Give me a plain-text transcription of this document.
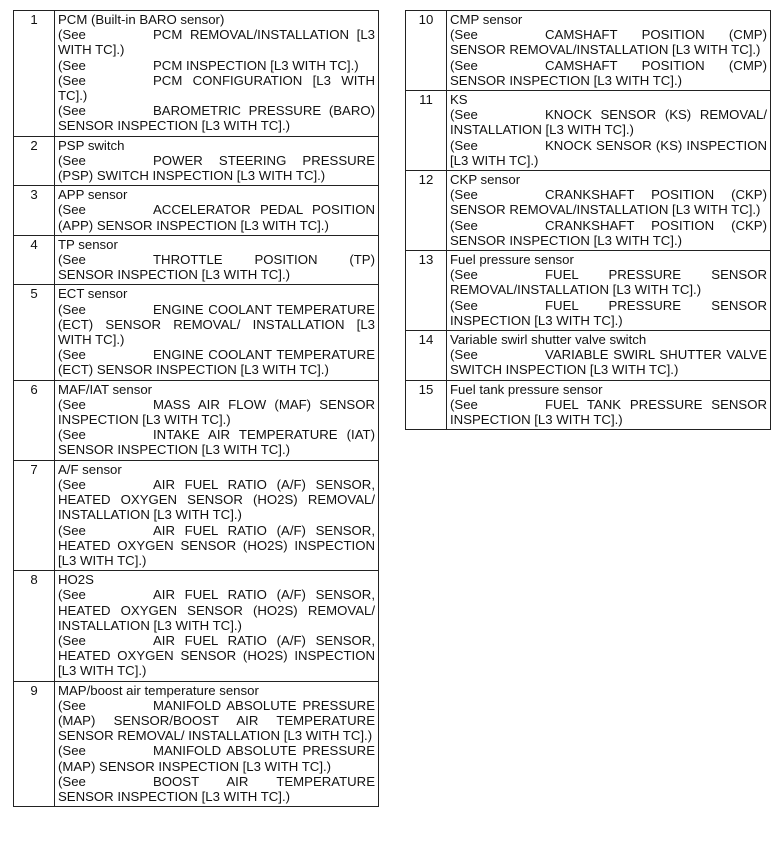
1	PCM (Built-in BARO sensor)
(See PCM REMOVAL/INSTALLATION [L3 WITH TC].)
(See PCM INSPECTION [L3 WITH TC].)
(See PCM CONFIGURATION [L3 WITH TC].)
(See BAROMETRIC PRESSURE (BARO) SENSOR INSPECTION [L3 WITH TC].)

2	PSP switch
(See POWER STEERING PRESSURE (PSP) SWITCH INSPECTION [L3 WITH TC].)

3	APP sensor
(See ACCELERATOR PEDAL POSITION (APP) SENSOR INSPECTION [L3 WITH TC].)

4	TP sensor
(See THROTTLE POSITION (TP) SENSOR INSPECTION [L3 WITH TC].)

5	ECT sensor
(See ENGINE COOLANT TEMPERATURE (ECT) SENSOR REMOVAL/ INSTALLATION [L3 WITH TC].)
(See ENGINE COOLANT TEMPERATURE (ECT) SENSOR INSPECTION [L3 WITH TC].)

6	MAF/IAT sensor
(See MASS AIR FLOW (MAF) SENSOR INSPECTION [L3 WITH TC].)
(See INTAKE AIR TEMPERATURE (IAT) SENSOR INSPECTION [L3 WITH TC].)

7	A/F sensor
(See AIR FUEL RATIO (A/F) SENSOR, HEATED OXYGEN SENSOR (HO2S) REMOVAL/ INSTALLATION [L3 WITH TC].)
(See AIR FUEL RATIO (A/F) SENSOR, HEATED OXYGEN SENSOR (HO2S) INSPECTION [L3 WITH TC].)

8	HO2S
(See AIR FUEL RATIO (A/F) SENSOR, HEATED OXYGEN SENSOR (HO2S) REMOVAL/ INSTALLATION [L3 WITH TC].)
(See AIR FUEL RATIO (A/F) SENSOR, HEATED OXYGEN SENSOR (HO2S) INSPECTION [L3 WITH TC].)

9	MAP/boost air temperature sensor
(See MANIFOLD ABSOLUTE PRESSURE (MAP) SENSOR/BOOST AIR TEMPERATURE SENSOR REMOVAL/ INSTALLATION [L3 WITH TC].)
(See MANIFOLD ABSOLUTE PRESSURE (MAP) SENSOR INSPECTION [L3 WITH TC].)
(See BOOST AIR TEMPERATURE SENSOR INSPECTION [L3 WITH TC].)
10	CMP sensor
(See CAMSHAFT POSITION (CMP) SENSOR REMOVAL/INSTALLATION [L3 WITH TC].)
(See CAMSHAFT POSITION (CMP) SENSOR INSPECTION [L3 WITH TC].)

11	KS
(See KNOCK SENSOR (KS) REMOVAL/ INSTALLATION [L3 WITH TC].)
(See KNOCK SENSOR (KS) INSPECTION [L3 WITH TC].)

12	CKP sensor
(See CRANKSHAFT POSITION (CKP) SENSOR REMOVAL/INSTALLATION [L3 WITH TC].)
(See CRANKSHAFT POSITION (CKP) SENSOR INSPECTION [L3 WITH TC].)

13	Fuel pressure sensor
(See FUEL PRESSURE SENSOR REMOVAL/INSTALLATION [L3 WITH TC].)
(See FUEL PRESSURE SENSOR INSPECTION [L3 WITH TC].)

14	Variable swirl shutter valve switch
(See VARIABLE SWIRL SHUTTER VALVE SWITCH INSPECTION [L3 WITH TC].)

15	Fuel tank pressure sensor
(See FUEL TANK PRESSURE SENSOR INSPECTION [L3 WITH TC].)
